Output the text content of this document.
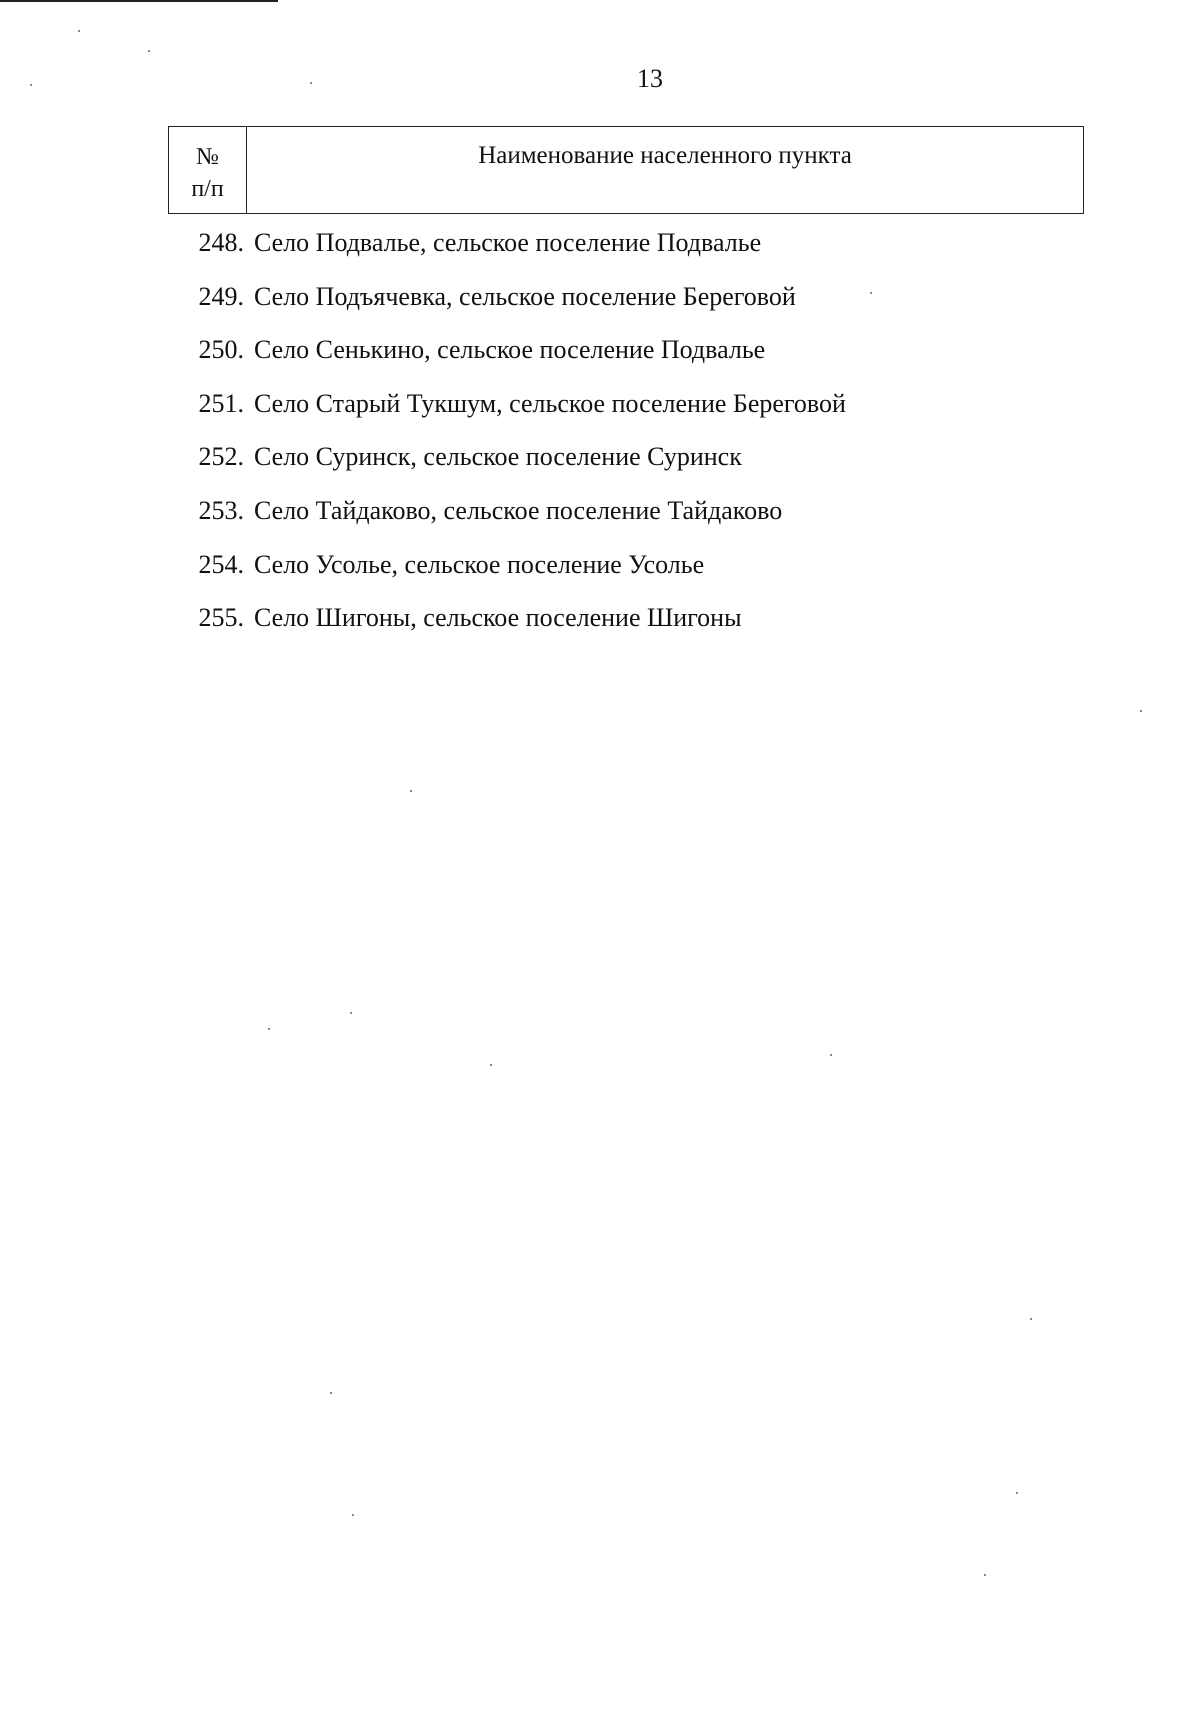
13
№
п/п
Наименование населенного пункта
248. Село Подвалье, сельское поселение Подвалье
249. Село Подъячевка, сельское поселение Береговой
250. Село Сенькино, сельское поселение Подвалье
251. Село Старый Тукшум, сельское поселение Береговой
252. Село Суринск, сельское поселение Суринск
253. Село Тайдаково, сельское поселение Тайдаково
254. Село Усолье, сельское поселение Усолье
255. Село Шигоны, сельское поселение Шигоны
